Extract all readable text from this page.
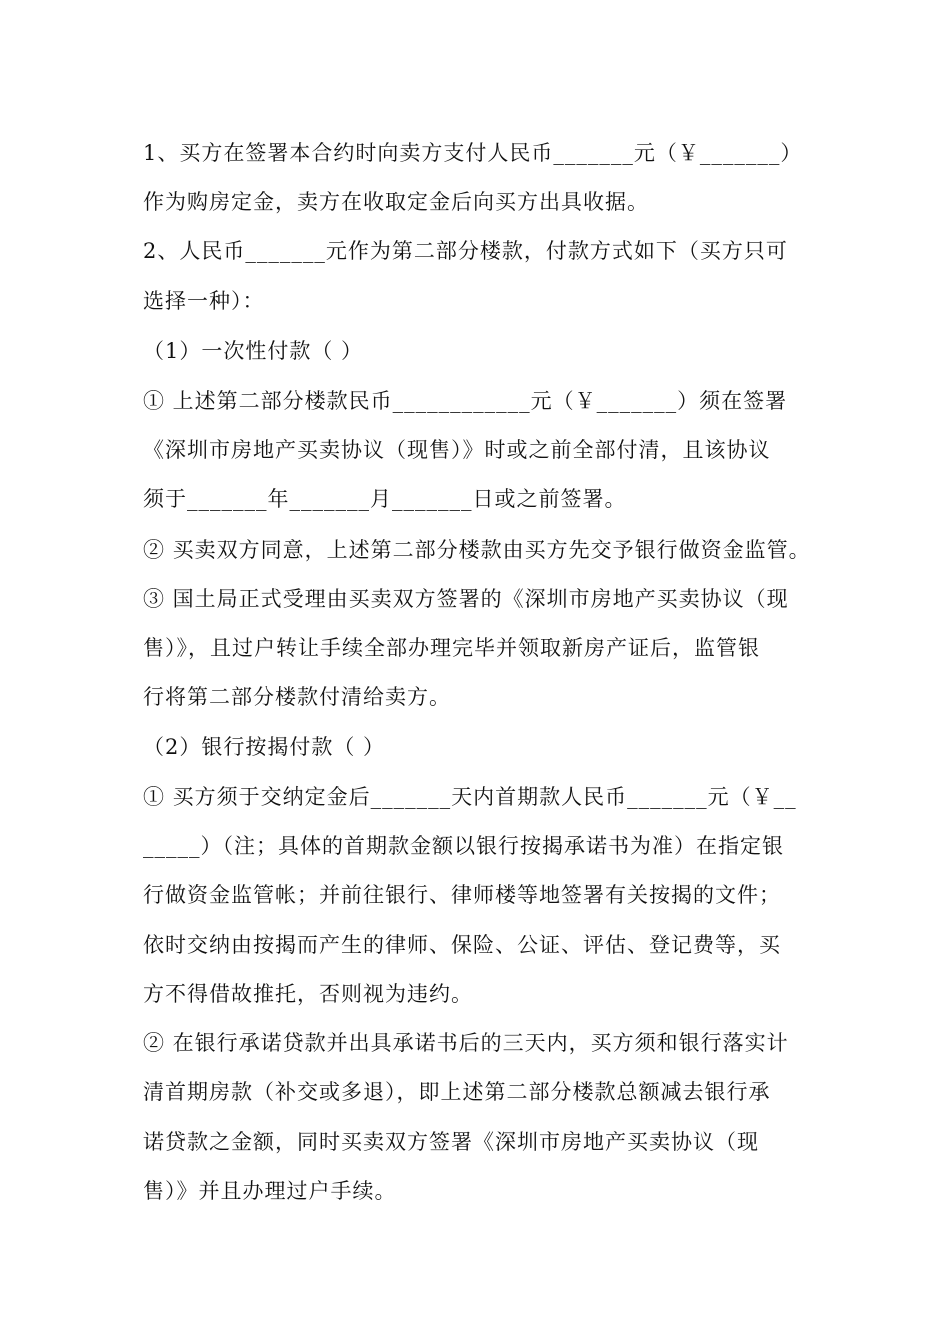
1、买方在签署本合约时向卖方支付人民币_______元（￥_______）
作为购房定金，卖方在收取定金后向买方出具收据。
2、人民币_______元作为第二部分楼款，付款方式如下（买方只可
选择一种）：
（1）一次性付款（ ）
① 上述第二部分楼款民币____________元（￥_______）须在签署
《深圳市房地产买卖协议（现售）》时或之前全部付清，且该协议
须于_______年_______月_______日或之前签署。
② 买卖双方同意，上述第二部分楼款由买方先交予银行做资金监管。
③ 国土局正式受理由买卖双方签署的《深圳市房地产买卖协议（现
售）》，且过户转让手续全部办理完毕并领取新房产证后，监管银
行将第二部分楼款付清给卖方。
（2）银行按揭付款（ ）
① 买方须于交纳定金后_______天内首期款人民币_______元（￥__
_____）（注；具体的首期款金额以银行按揭承诺书为准）在指定银
行做资金监管帐；并前往银行、律师楼等地签署有关按揭的文件；
依时交纳由按揭而产生的律师、保险、公证、评估、登记费等，买
方不得借故推托，否则视为违约。
② 在银行承诺贷款并出具承诺书后的三天内，买方须和银行落实计
清首期房款（补交或多退），即上述第二部分楼款总额减去银行承
诺贷款之金额，同时买卖双方签署《深圳市房地产买卖协议（现
售）》并且办理过户手续。
